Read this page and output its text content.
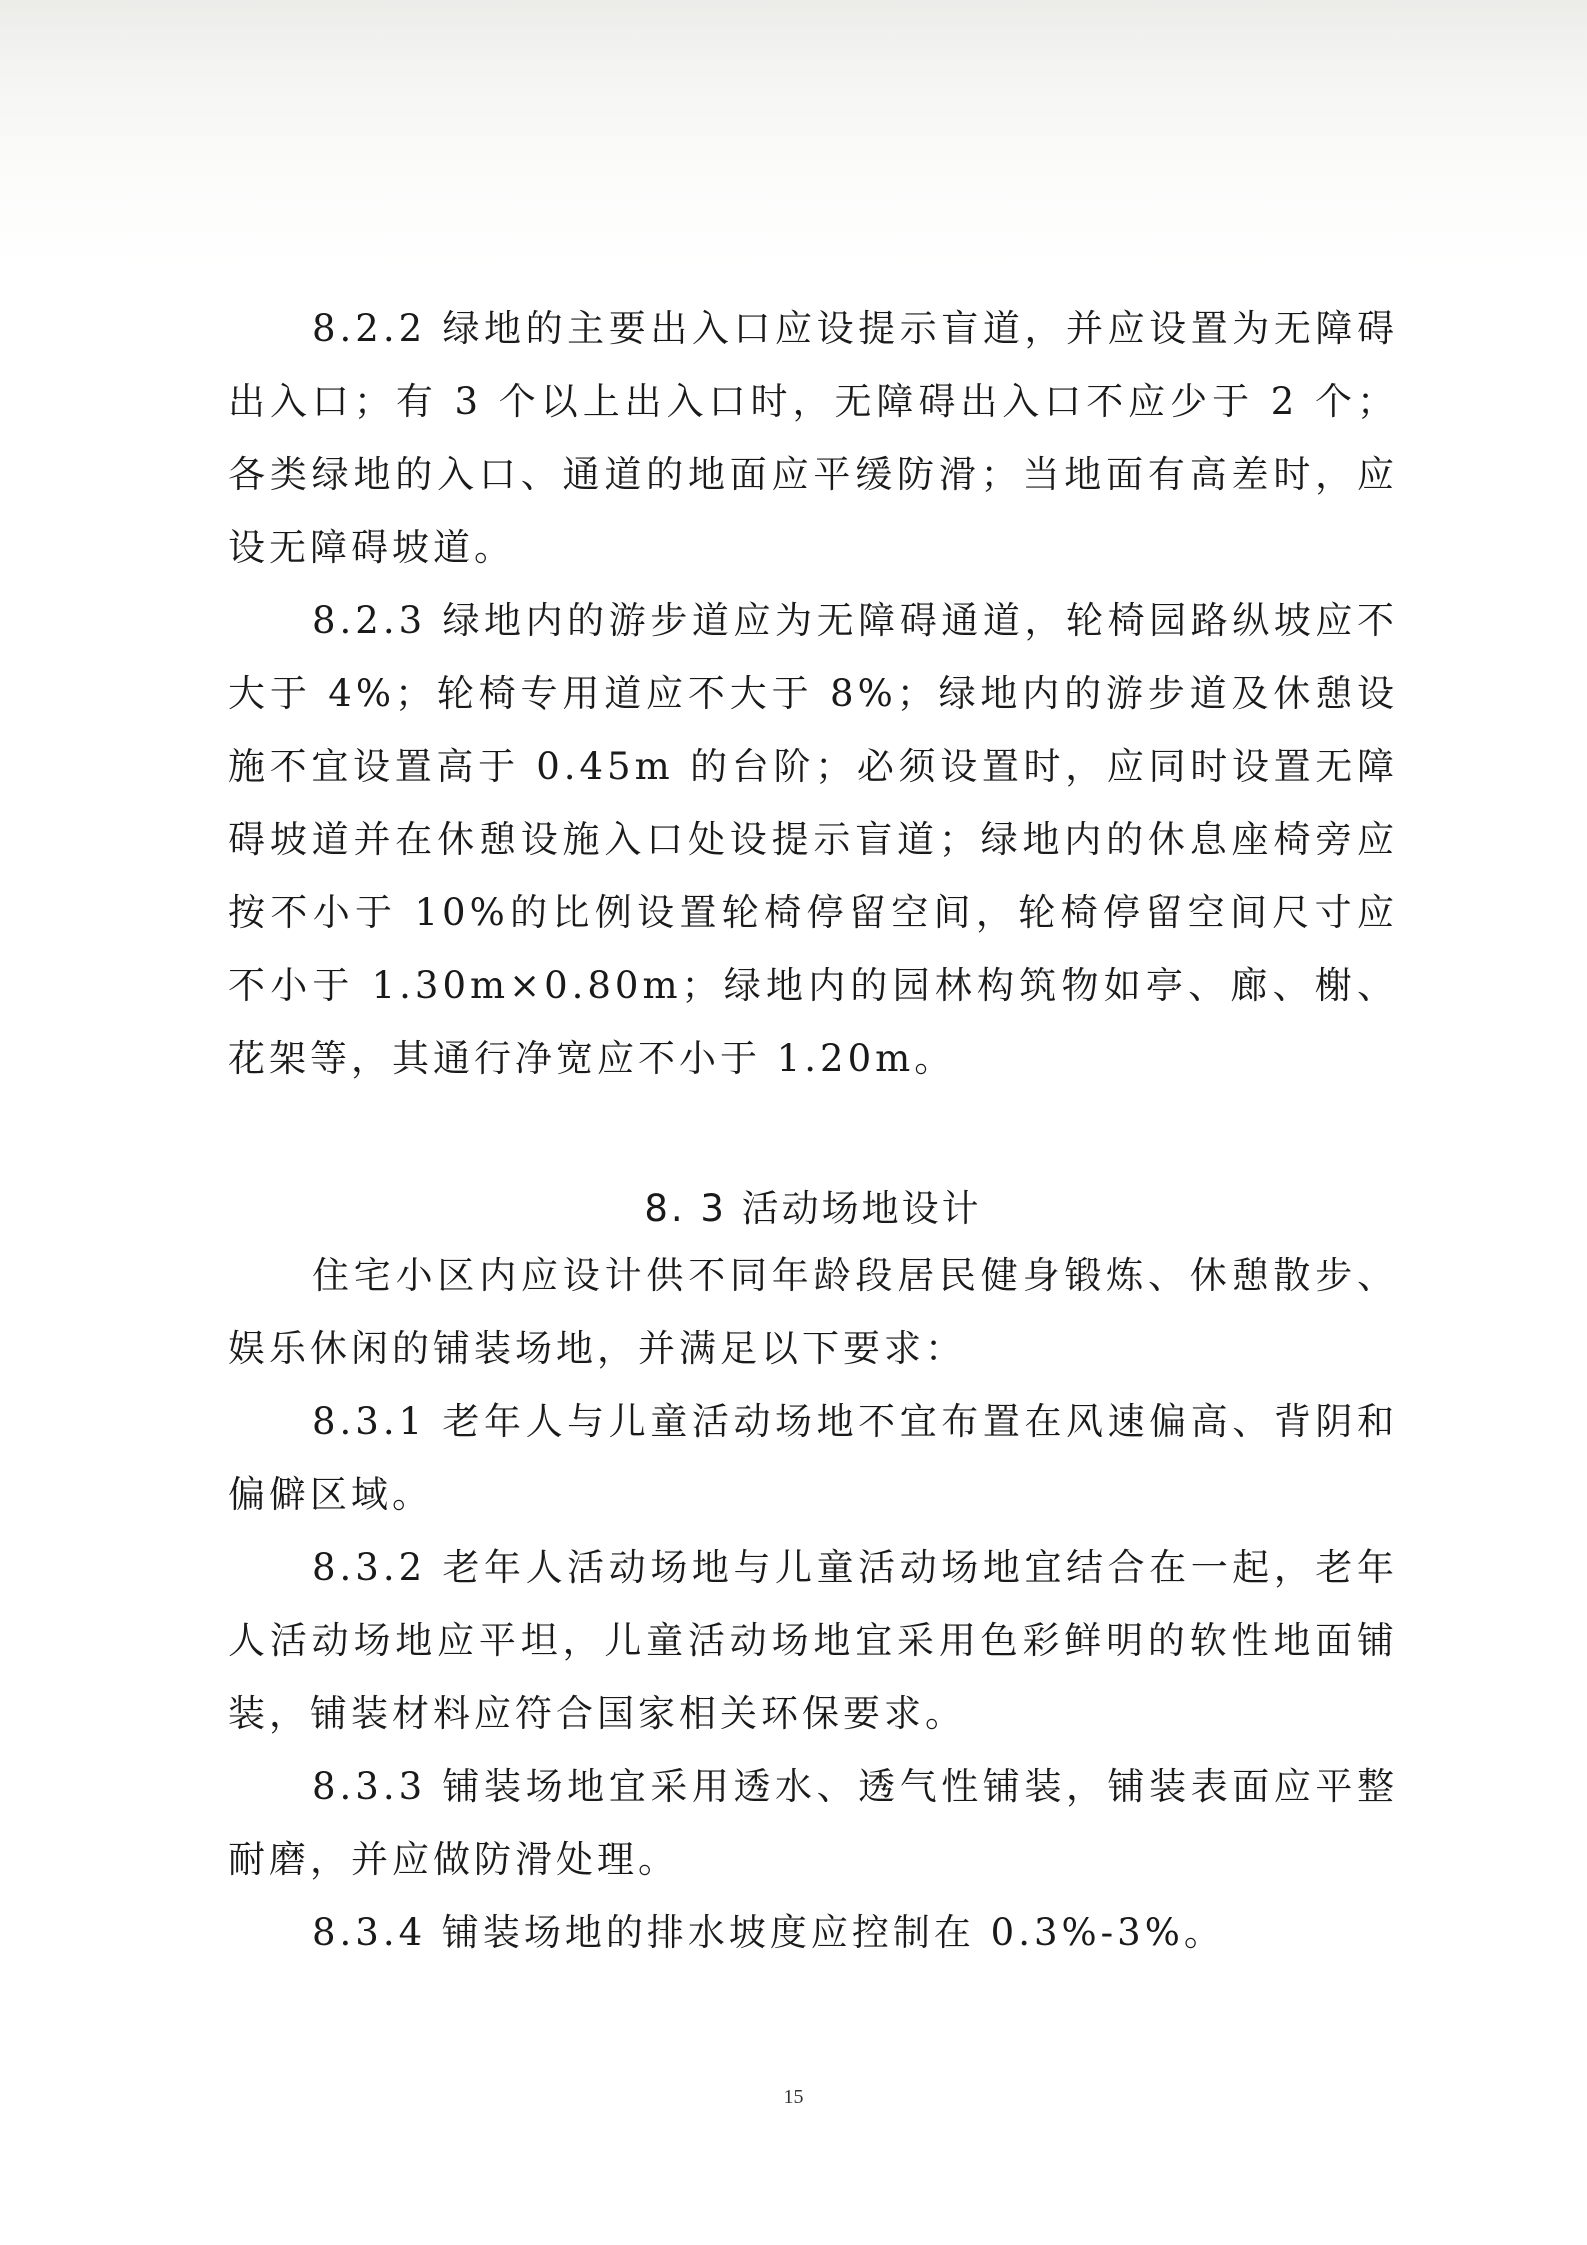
8.2.2 绿地的主要出入口应设提示盲道，并应设置为无障碍出入口；有 3 个以上出入口时，无障碍出入口不应少于 2 个；各类绿地的入口、通道的地面应平缓防滑；当地面有高差时，应设无障碍坡道。

8.2.3 绿地内的游步道应为无障碍通道，轮椅园路纵坡应不大于 4%；轮椅专用道应不大于 8%；绿地内的游步道及休憩设施不宜设置高于 0.45m 的台阶；必须设置时，应同时设置无障碍坡道并在休憩设施入口处设提示盲道；绿地内的休息座椅旁应按不小于 10%的比例设置轮椅停留空间，轮椅停留空间尺寸应不小于 1.30m×0.80m；绿地内的园林构筑物如亭、廊、榭、花架等，其通行净宽应不小于 1.20m。

8. 3 活动场地设计

住宅小区内应设计供不同年龄段居民健身锻炼、休憩散步、娱乐休闲的铺装场地，并满足以下要求：

8.3.1 老年人与儿童活动场地不宜布置在风速偏高、背阴和偏僻区域。

8.3.2 老年人活动场地与儿童活动场地宜结合在一起，老年人活动场地应平坦，儿童活动场地宜采用色彩鲜明的软性地面铺装，铺装材料应符合国家相关环保要求。

8.3.3 铺装场地宜采用透水、透气性铺装，铺装表面应平整耐磨，并应做防滑处理。

8.3.4 铺装场地的排水坡度应控制在 0.3%-3%。

15
